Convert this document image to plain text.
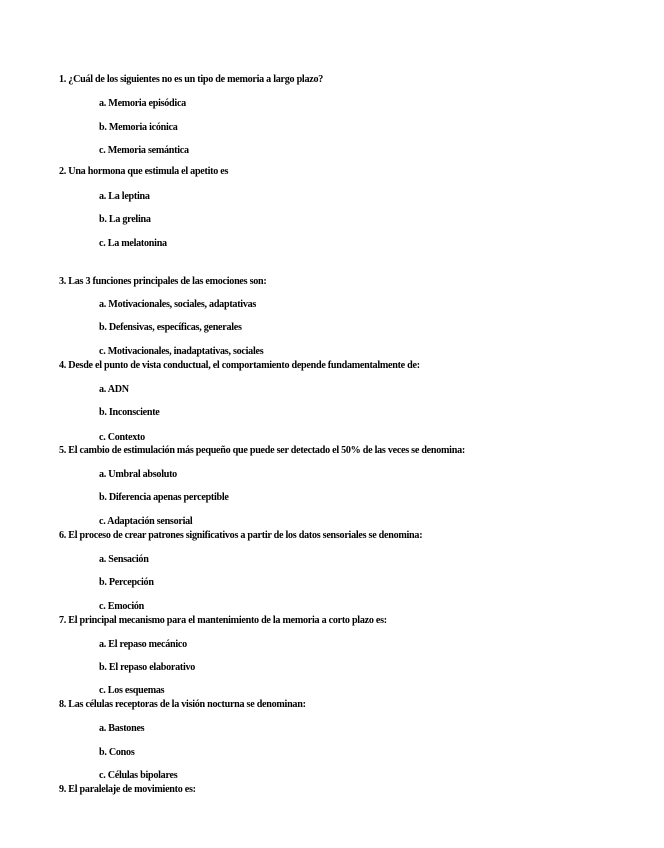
1. ¿Cuál de los siguientes no es un tipo de memoria a largo plazo?
a. Memoria episódica
b. Memoria icónica
c. Memoria semántica
2. Una hormona que estimula el apetito es
a. La leptina
b. La grelina
c. La melatonina
3. Las 3 funciones principales de las emociones son:
a. Motivacionales, sociales, adaptativas
b. Defensivas, específicas, generales
c. Motivacionales, inadaptativas, sociales
4. Desde el punto de vista conductual, el comportamiento depende fundamentalmente de:
a. ADN
b. Inconsciente
c. Contexto
5. El cambio de estimulación más pequeño que puede ser detectado el 50% de las veces se denomina:
a. Umbral absoluto
b. Diferencia apenas perceptible
c. Adaptación sensorial
6. El proceso de crear patrones significativos a partir de los datos sensoriales se denomina:
a. Sensación
b. Percepción
c. Emoción
7. El principal mecanismo para el mantenimiento de la memoria a corto plazo es:
a. El repaso mecánico
b. El repaso elaborativo
c. Los esquemas
8. Las células receptoras de la visión nocturna se denominan:
a. Bastones
b. Conos
c. Células bipolares
9. El paralelaje de movimiento es:
